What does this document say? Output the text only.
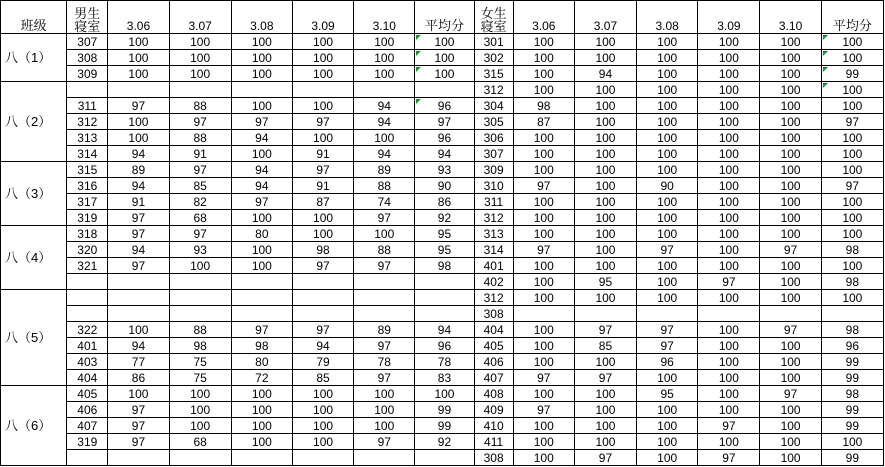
班级	男生
寝室	3.06	3.07	3.08	3.09	3.10	平均分	女生
寝室	3.06	3.07	3.08	3.09	3.10	平均分
八（1）	307	100	100	100	100	100	100	301	100	100	100	100	100	100
	308	100	100	100	100	100	100	302	100	100	100	100	100	100
	309	100	100	100	100	100	100	315	100	94	100	100	100	99
八（2）								312	100	100	100	100	100	100
	311	97	88	100	100	94	96	304	98	100	100	100	100	100
	312	100	97	97	97	94	97	305	87	100	100	100	100	97
	313	100	88	94	100	100	96	306	100	100	100	100	100	100
	314	94	91	100	91	94	94	307	100	100	100	100	100	100
八（3）	315	89	97	94	97	89	93	309	100	100	100	100	100	100
	316	94	85	94	91	88	90	310	97	100	90	100	100	97
	317	91	82	97	87	74	86	311	100	100	100	100	100	100
	319	97	68	100	100	97	92	312	100	100	100	100	100	100
八（4）	318	97	97	80	100	100	95	313	100	100	100	100	100	100
	320	94	93	100	98	88	95	314	97	100	97	100	97	98
	321	97	100	100	97	97	98	401	100	100	100	100	100	100
								402	100	95	100	97	100	98
八（5）								312	100	100	100	100	100	100
								308						
	322	100	88	97	97	89	94	404	100	97	97	100	97	98
	401	94	98	98	94	97	96	405	100	85	97	100	100	96
	403	77	75	80	79	78	78	406	100	100	96	100	100	99
	404	86	75	72	85	97	83	407	97	97	100	100	100	99
八（6）	405	100	100	100	100	100	100	408	100	100	95	100	97	98
	406	97	100	100	100	100	99	409	97	100	100	100	100	99
	407	97	100	100	100	100	99	410	100	100	100	97	100	99
	319	97	68	100	100	97	92	411	100	100	100	100	100	100
								308	100	97	100	97	100	99
